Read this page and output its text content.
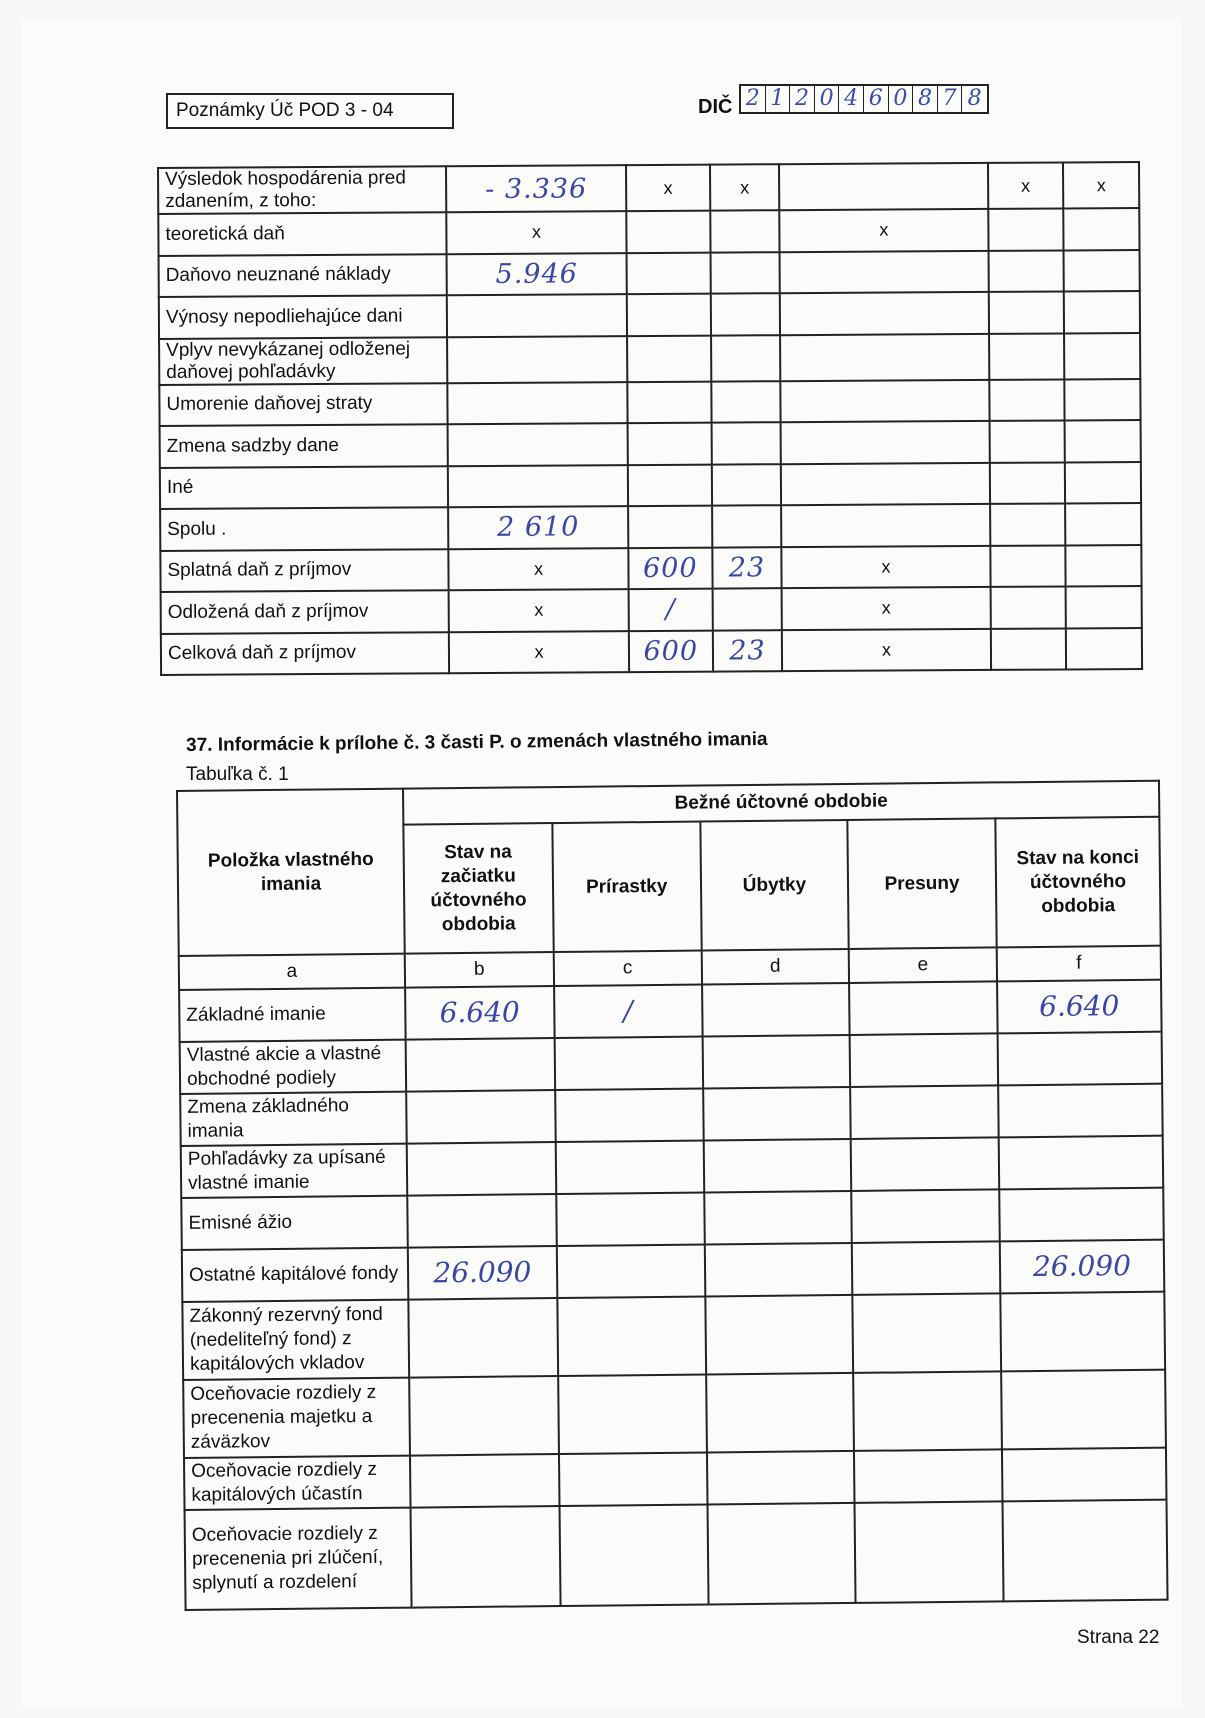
Poznámky Úč POD 3 - 04	DIČ 2 1 2 0 4 6 0 8 7 8
Výsledok hospodárenia pred zdanením, z toho:	- 3.336	x	x		x	x
teoretická daň	x			x		
Daňovo neuznané náklady	5.946					
Výnosy nepodliehajúce dani						
Vplyv nevykázanej odloženej daňovej pohľadávky						
Umorenie daňovej straty						
Zmena sadzby dane						
Iné						
Spolu .	2 610					
Splatná daň z príjmov	x	600	23	x		
Odložená daň z príjmov	x	/		x		
Celková daň z príjmov	x	600	23	x		
37. Informácie k prílohe č. 3 časti P. o zmenách vlastného imania
Tabuľka č. 1
Položka vlastného imania	Bežné účtovné obdobie				
	Stav na začiatku účtovného obdobia	Prírastky	Úbytky	Presuny	Stav na konci účtovného obdobia
a	b	c	d	e	f
Základné imanie	6.640	/			6.640
Vlastné akcie a vlastné obchodné podiely					
Zmena základného imania					
Pohľadávky za upísané vlastné imanie					
Emisné ážio					
Ostatné kapitálové fondy	26.090				26.090
Zákonný rezervný fond (nedeliteľný fond) z kapitálových vkladov					
Oceňovacie rozdiely z precenenia majetku a záväzkov					
Oceňovacie rozdiely z kapitálových účastín					
Oceňovacie rozdiely z precenenia pri zlúčení, splynutí a rozdelení					
Strana 22
